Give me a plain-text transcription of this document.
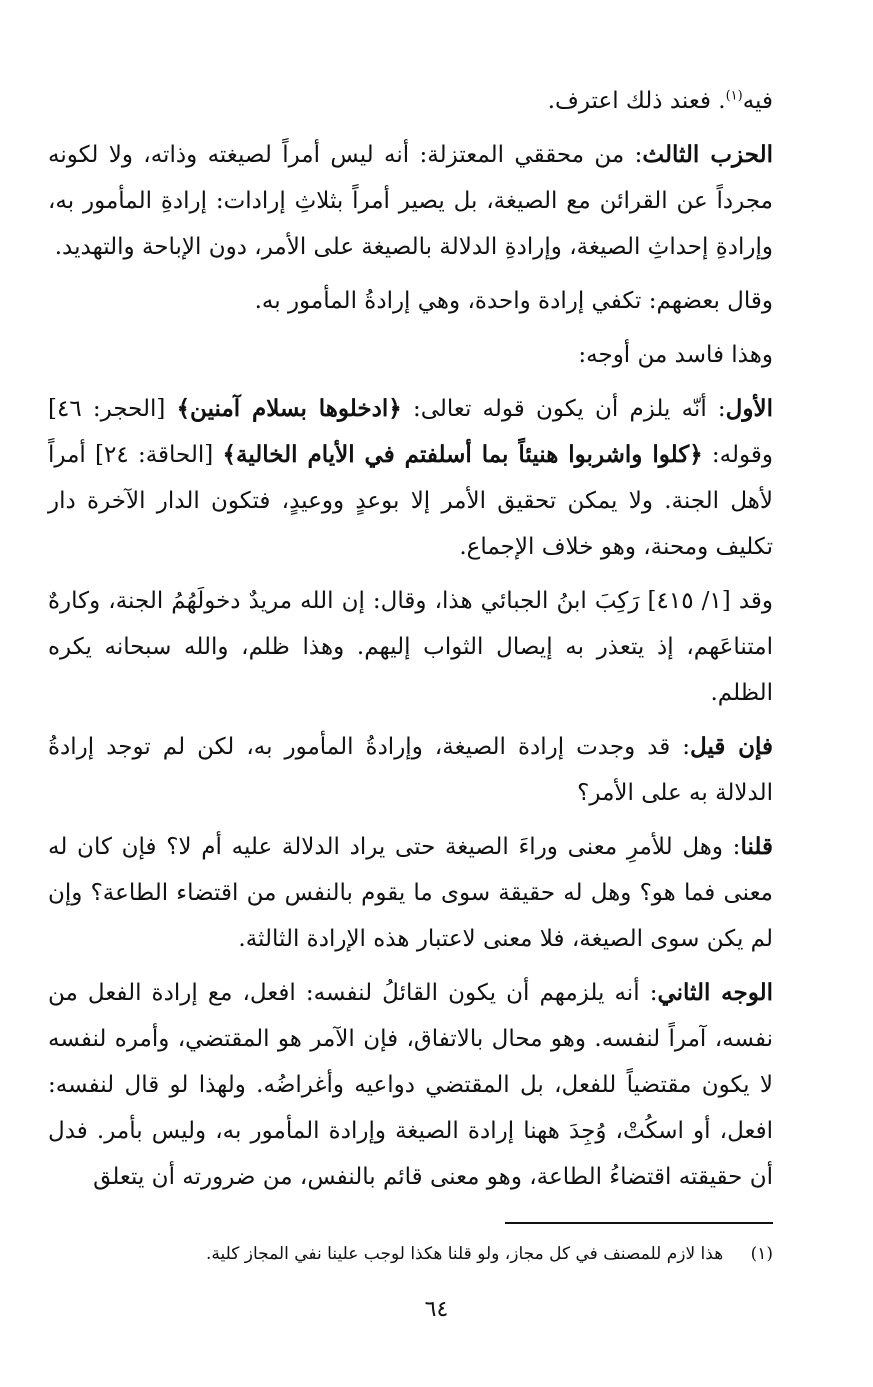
فيه$^{(١)}$. فعند ذلك اعترف.

الحزب الثالث: من محققي المعتزلة: أنه ليس أمراً لصيغته وذاته، ولا لكونه مجرداً عن القرائن مع الصيغة، بل يصير أمراً بثلاثِ إرادات: إرادةِ المأمور به، وإرادةِ إحداثِ الصيغة، وإرادةِ الدلالة بالصيغة على الأمر، دون الإباحة والتهديد.

وقال بعضهم: تكفي إرادة واحدة، وهي إرادةُ المأمور به.

وهذا فاسد من أوجه:

الأول: أنّه يلزم أن يكون قوله تعالى: ﴿ادخلوها بسلام آمنين﴾ [الحجر: ٤٦] وقوله: ﴿كلوا واشربوا هنيئاً بما أسلفتم في الأيام الخالية﴾ [الحاقة: ٢٤] أمراً لأهل الجنة. ولا يمكن تحقيق الأمر إلا بوعدٍ ووعيدٍ، فتكون الدار الآخرة دار تكليف ومحنة، وهو خلاف الإجماع.

وقد [١/ ٤١٥] رَكِبَ ابنُ الجبائي هذا، وقال: إن الله مريدٌ دخولَهُمُ الجنة، وكارهٌ امتناعَهم، إذ يتعذر به إيصال الثواب إليهم. وهذا ظلم، والله سبحانه يكره الظلم.

فإن قيل: قد وجدت إرادة الصيغة، وإرادةُ المأمور به، لكن لم توجد إرادةُ الدلالة به على الأمر؟

قلنا: وهل للأمرِ معنى وراءَ الصيغة حتى يراد الدلالة عليه أم لا؟ فإن كان له معنى فما هو؟ وهل له حقيقة سوى ما يقوم بالنفس من اقتضاء الطاعة؟ وإن لم يكن سوى الصيغة، فلا معنى لاعتبار هذه الإرادة الثالثة.

الوجه الثاني: أنه يلزمهم أن يكون القائلُ لنفسه: افعل، مع إرادة الفعل من نفسه، آمراً لنفسه. وهو محال بالاتفاق، فإن الآمر هو المقتضي، وأمره لنفسه لا يكون مقتضياً للفعل، بل المقتضي دواعيه وأغراضُه. ولهذا لو قال لنفسه: افعل، أو اسكُتْ، وُجِدَ ههنا إرادة الصيغة وإرادة المأمور به، وليس بأمر. فدل أن حقيقته اقتضاءُ الطاعة، وهو معنى قائم بالنفس، من ضرورته أن يتعلق

(١) هذا لازم للمصنف في كل مجاز، ولو قلنا هكذا لوجب علينا نفي المجاز كلية.
٦٤
